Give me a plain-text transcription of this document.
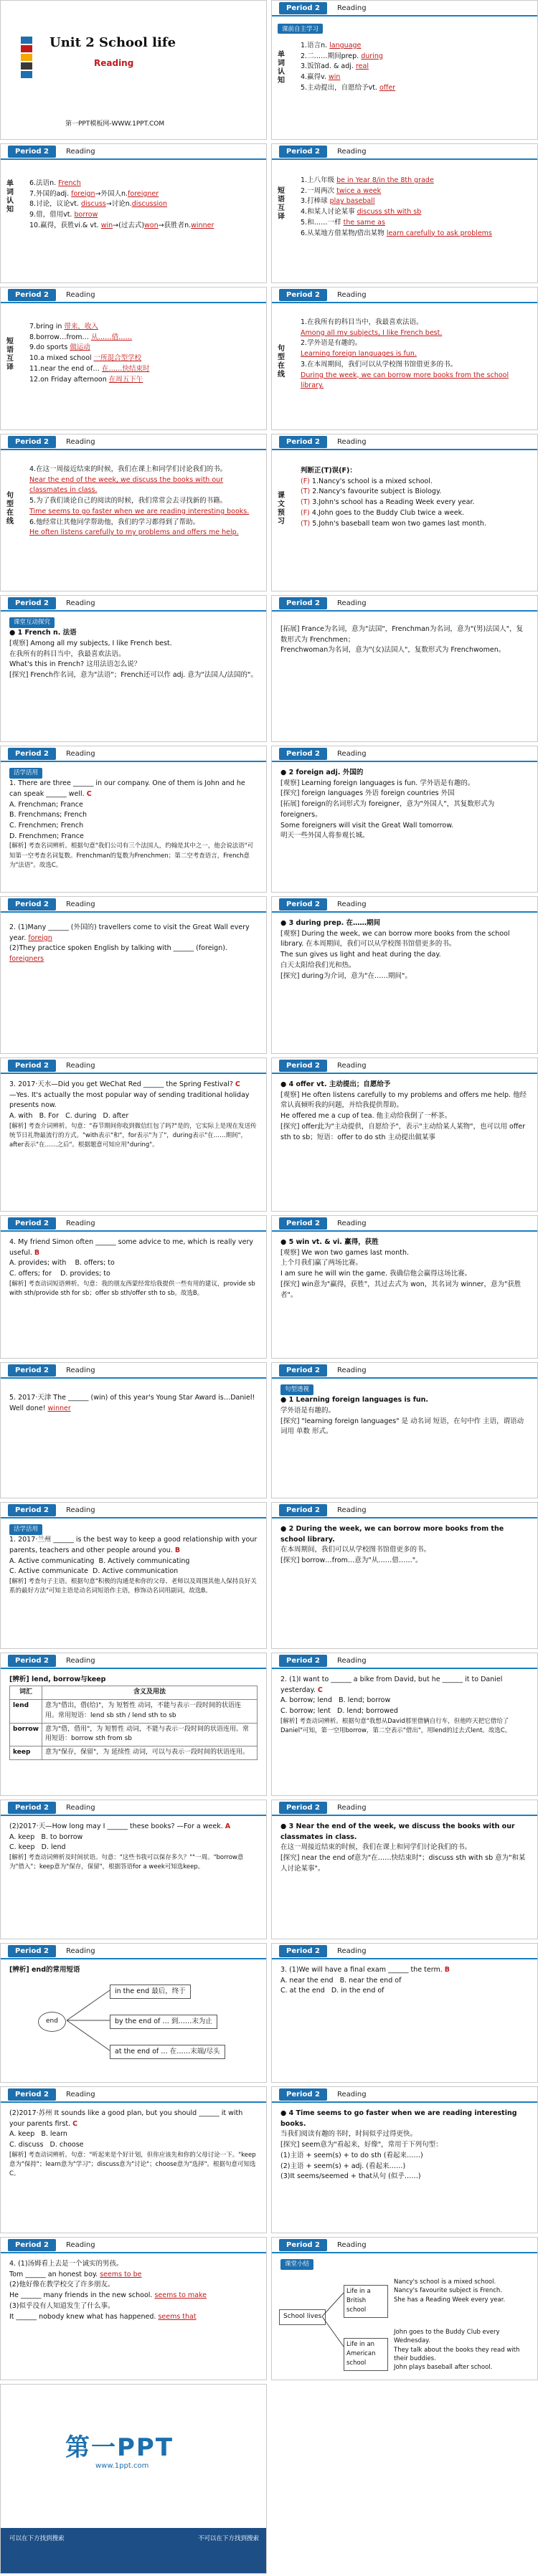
Unit 2 School life
Reading
第一PPT模板网-WWW.1PPT.COM
Period 2	Reading
课前自主学习
单词认知
1.语言n. language
2.二……期间prep. during
3.饭馆ad. & adj. real
4.赢得v. win
5.主动提出，自愿给予vt. offer
Period 2	Reading
单词认知
6.法语n. French
7.外国的adj. foreign→外国人n.foreigner
8.讨论，议论vt. discuss→讨论n.discussion
9.借，借用vt. borrow
10.赢得，获胜vi.& vt. win→(过去式)won→获胜者n.winner
Period 2	Reading
短语互译
1.上八年级 be in Year 8/in the 8th grade
2.一周两次 twice a week
3.打棒球 play baseball
4.和某人讨论某事 discuss sth with sb
5.和……一样 the same as
6.从某地方借某物/借出某物 learn carefully to ask problems
Period 2	Reading
短语互译
7.bring in 带来，收入
8.borrow…from… 从……借……
9.do sports 做运动
10.a mixed school 一所混合型学校
11.near the end of… 在……快结束时
12.on Friday afternoon 在周五下午
Period 2	Reading
句型在线
1.在我所有的科目当中，我最喜欢法语。
Among all my subjects, I like French best.
2.学外语是有趣的。
Learning foreign languages is fun.
3.在本周期间，我们可以从学校图书馆借更多的书。
During the week, we can borrow more books from the school library.
Period 2	Reading
句型在线
4.在这一周接近结束的时候，我们在课上和同学们讨论我们的书。
Near the end of the week, we discuss the books with our classmates in class.
5.为了我们谈论自己的阅读的时候，我们常常会去寻找新的书籍。
Time seems to go faster when we are reading interesting books.
6.他经常让其他同学帮助他，我们的学习都得到了帮助。
He often listens carefully to my problems and offers me help.
Period 2	Reading
课文预习
判断正(T)误(F)：
(F) 1.Nancy's school is a mixed school.
(T) 2.Nancy's favourite subject is Biology.
(T) 3.John's school has a Reading Week every year.
(F) 4.John goes to the Buddy Club twice a week.
(T) 5.John's baseball team won two games last month.
Period 2	Reading
课堂互动探究
● 1 French n. 法语
[观察] Among all my subjects, I like French best.
在我所有的科目当中，我最喜欢法语。
What's this in French? 这用法语怎么说？
[探究] French作名词，意为"法语"；French还可以作 adj. 意为"法国人/法国的"。
Period 2	Reading
[拓展] France为名词，意为"法国"，Frenchman为名词，意为"(男)法国人"，复数形式为 Frenchmen；
Frenchwoman为名词，意为"(女)法国人"，复数形式为 Frenchwomen。
Period 2	Reading
活学活用
1. There are three ______ in our company. One of them is John and he can speak ______ well. C
A. Frenchman; France
B. Frenchmans; French
C. Frenchmen; French
D. Frenchmen; France
[解析] 考查名词辨析。根据句意"我们公司有三个法国人，约翰是其中之一，他会说法语"可知第一空考查名词复数。Frenchman的复数为Frenchmen；第二空考查语言，French意为"法语"。故选C。
Period 2	Reading
● 2 foreign adj. 外国的
[观察] Learning foreign languages is fun. 学外语是有趣的。
[探究] foreign languages 外语 foreign countries 外国
[拓展] foreign的名词形式为 foreigner，意为"外国人"，其复数形式为 foreigners。
Some foreigners will visit the Great Wall tomorrow.
明天一些外国人将参观长城。
Period 2	Reading
2. (1)Many ______ (外国的) travellers come to visit the Great Wall every year. foreign
(2)They practice spoken English by talking with ______ (foreign). foreigners
Period 2	Reading
● 3 during prep. 在……期间
[观察] During the week, we can borrow more books from the school library. 在本周期间，我们可以从学校图书馆借更多的书。
The sun gives us light and heat during the day.
白天太阳给我们光和热。
[探究] during为介词，意为"在……期间"。
Period 2	Reading
3. 2017·天水—Did you get WeChat Red ______ the Spring Festival? C
—Yes. It's actually the most popular way of sending traditional holiday presents now.
A. with B. For C. during D. after
[解析] 考查介词辨析。句意："春节期间你收到微信红包了吗?"是的，它实际上是现在发送传统节日礼物最流行的方式。"with表示"和"，for表示"为了"，during表示"在……期间"，after表示"在……之后"。根据题意可知应用"during"。
Period 2	Reading
● 4 offer vt. 主动提出；自愿给予
[观察] He often listens carefully to my problems and offers me help. 他经常认真倾听我的问题，并给我提供帮助。
He offered me a cup of tea. 他主动给我倒了一杯茶。
[探究] offer此为"主动提供，自愿给予"，表示"主动给某人某物"，也可以用 offer sth to sb；短语：offer to do sth 主动提出做某事
Period 2	Reading
4. My friend Simon often ______ some advice to me, which is really very useful. B
A. provides; with B. offers; to
C. offers; for D. provides; to
[解析] 考查动词短语辨析。句意：我的朋友西蒙经常给我提供一些有用的建议，provide sb with sth/provide sth for sb；offer sb sth/offer sth to sb。故选B。
Period 2	Reading
● 5 win vt. & vi. 赢得，获胜
[观察] We won two games last month.
上个月我们赢了两场比赛。
I am sure he will win the game. 我确信他会赢得这场比赛。
[探究] win意为"赢得，获胜"，其过去式为 won，其名词为 winner，意为"获胜者"。
Period 2	Reading
5. 2017·天津 The ______ (win) of this year's Young Star Award is…Daniel! Well done! winner
Period 2	Reading
句型透视
● 1 Learning foreign languages is fun.
学外语是有趣的。
[探究] "learning foreign languages" 是 动名词 短语，在句中作 主语，谓语动词用 单数 形式。
Period 2	Reading
活学活用
1. 2017·兰州 ______ is the best way to keep a good relationship with your parents, teachers and other people around you. B
A. Active communicating B. Actively communicating
C. Active communicate D. Active communication
[解析] 考查句子主语。根据句意"积极的沟通是和你的父母、老师以及周围其他人保持良好关系的最好方法"可知主语是动名词短语作主语，修饰动名词用副词，故选B。
Period 2	Reading
● 2 During the week, we can borrow more books from the school library.
在本周期间，我们可以从学校图书馆借更多的书。
[探究] borrow…from…意为"从……借……"。
Period 2	Reading
[辨析] lend, borrow与keep
词汇	含义及用法
lend	意为"借出，借(给)"，为 短暂性 动词，不能与表示一段时间的状语连用。常用短语：lend sb sth / lend sth to sb
borrow	意为"借，借用"，为 短暂性 动词，不能与表示一段时间的状语连用。常用短语：borrow sth from sb
keep	意为"保存，保留"，为 延续性 动词，可以与表示一段时间的状语连用。
Period 2	Reading
2. (1)I want to ______ a bike from David, but he ______ it to Daniel yesterday. C
A. borrow; lend B. lend; borrow
C. borrow; lent D. lend; borrowed
[解析] 考查动词辨析。根据句意"我想从David那里借辆自行车，但他昨天把它借给了Daniel"可知，第一空用borrow，第二空表示"借出"，用lend的过去式lent。故选C。
Period 2	Reading
(2)2017·天—How long may I ______ these books? —For a week. A
A. keep B. to borrow
C. keep D. lend
[解析] 考查动词辨析及时间状语。句意："这些书我可以保存多久？""一周。"borrow意为"借入"；keep意为"保存，保留"，根据答语for a week可知选keep。
Period 2	Reading
● 3 Near the end of the week, we discuss the books with our classmates in class.
在这一周接近结束的时候，我们在课上和同学们讨论我们的书。
[探究] near the end of意为"在……快结束时"；discuss sth with sb 意为"和某人讨论某事"。
Period 2	Reading
3. (1)We will have a final exam ______ the term. B
A. near the end B. near the end of
C. at the end D. in the end of
Period 2	Reading
[辨析] end的常用短语
end
in the end 最后，终于
by the end of … 到……末为止
at the end of … 在……末端/尽头
Period 2	Reading
(2)2017·苏州 It sounds like a good plan, but you should ______ it with your parents first. C
A. keep B. learn
C. discuss D. choose
[解析] 考查动词辨析。句意："听起来是个好计划，但你应该先和你的父母讨论一下。"keep意为"保持"；learn意为"学习"；discuss意为"讨论"；choose意为"选择"。根据句意可知选C。
Period 2	Reading
● 4 Time seems to go faster when we are reading interesting books.
当我们阅读有趣的书时，时间似乎过得更快。
[探究] seem意为"看起来，好像"，常用于下列句型：
(1)主语 + seem(s) + to do sth (看起来……)
(2)主语 + seem(s) + adj. (看起来……)
(3)It seems/seemed + that从句 (似乎……)
Period 2	Reading
4. (1)汤姆看上去是一个诚实的男孩。
Tom ______ an honest boy. seems to be
(2)他好像在教学校交了许多朋友。
He ______ many friends in the new school. seems to make
(3)似乎没有人知道发生了什么事。
It ______ nobody knew what has happened. seems that
Period 2	Reading
课堂小结
School lives
Life in a British school
Life in an American school
Nancy's school is a mixed school.
Nancy's favourite subject is French.
She has a Reading Week every year.
John goes to the Buddy Club every Wednesday.
They talk about the books they read with their buddies.
John plays baseball after school.
第一PPT
www.1ppt.com
可以在下方找到搜索	不可以在下方找到搜索
